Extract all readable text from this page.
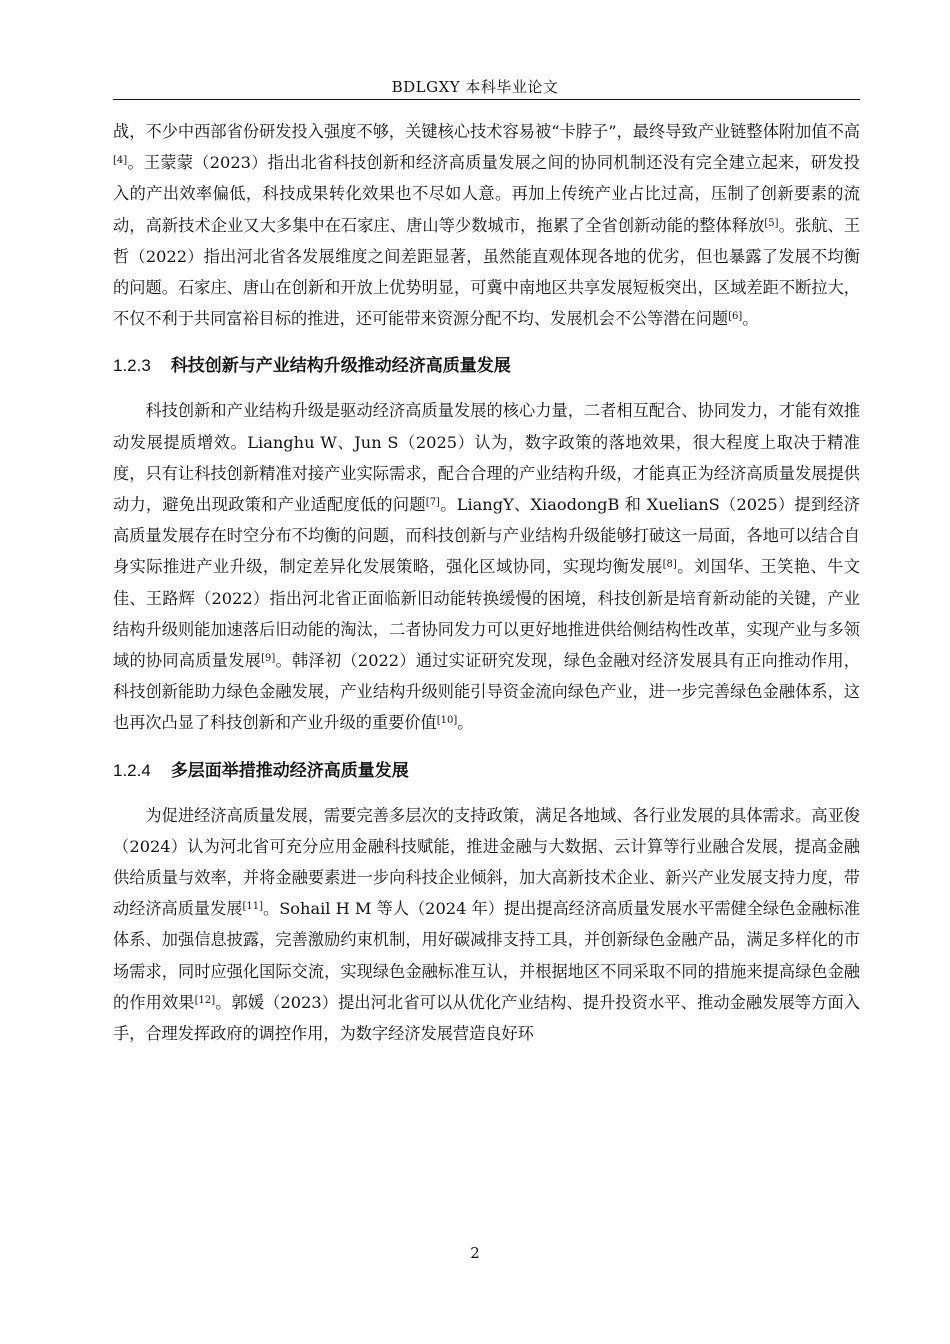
BDLGXY 本科毕业论文

战，不少中西部省份研发投入强度不够，关键核心技术容易被“卡脖子”，最终导致产业链整体附加值不高[4]。王蒙蒙（2023）指出北省科技创新和经济高质量发展之间的协同机制还没有完全建立起来，研发投入的产出效率偏低，科技成果转化效果也不尽如人意。再加上传统产业占比过高，压制了创新要素的流动，高新技术企业又大多集中在石家庄、唐山等少数城市，拖累了全省创新动能的整体释放[5]。张航、王哲（2022）指出河北省各发展维度之间差距显著，虽然能直观体现各地的优劣，但也暴露了发展不均衡的问题。石家庄、唐山在创新和开放上优势明显，可冀中南地区共享发展短板突出，区域差距不断拉大，不仅不利于共同富裕目标的推进，还可能带来资源分配不均、发展机会不公等潜在问题[6]。

1.2.3 科技创新与产业结构升级推动经济高质量发展

科技创新和产业结构升级是驱动经济高质量发展的核心力量，二者相互配合、协同发力，才能有效推动发展提质增效。Lianghu W、Jun S（2025）认为，数字政策的落地效果，很大程度上取决于精准度，只有让科技创新精准对接产业实际需求，配合合理的产业结构升级，才能真正为经济高质量发展提供动力，避免出现政策和产业适配度低的问题[7]。LiangY、XiaodongB 和 XuelianS（2025）提到经济高质量发展存在时空分布不均衡的问题，而科技创新与产业结构升级能够打破这一局面，各地可以结合自身实际推进产业升级，制定差异化发展策略，强化区域协同，实现均衡发展[8]。刘国华、王笑艳、牛文佳、王路辉（2022）指出河北省正面临新旧动能转换缓慢的困境，科技创新是培育新动能的关键，产业结构升级则能加速落后旧动能的淘汰，二者协同发力可以更好地推进供给侧结构性改革，实现产业与多领域的协同高质量发展[9]。韩泽初（2022）通过实证研究发现，绿色金融对经济发展具有正向推动作用，科技创新能助力绿色金融发展，产业结构升级则能引导资金流向绿色产业，进一步完善绿色金融体系，这也再次凸显了科技创新和产业升级的重要价值[10]。

1.2.4 多层面举措推动经济高质量发展

为促进经济高质量发展，需要完善多层次的支持政策，满足各地域、各行业发展的具体需求。高亚俊（2024）认为河北省可充分应用金融科技赋能，推进金融与大数据、云计算等行业融合发展，提高金融供给质量与效率，并将金融要素进一步向科技企业倾斜，加大高新技术企业、新兴产业发展支持力度，带动经济高质量发展[11]。Sohail H M 等人（2024 年）提出提高经济高质量发展水平需健全绿色金融标准体系、加强信息披露，完善激励约束机制，用好碳减排支持工具，并创新绿色金融产品，满足多样化的市场需求，同时应强化国际交流，实现绿色金融标准互认，并根据地区不同采取不同的措施来提高绿色金融的作用效果[12]。郭媛（2023）提出河北省可以从优化产业结构、提升投资水平、推动金融发展等方面入手，合理发挥政府的调控作用，为数字经济发展营造良好环

2
